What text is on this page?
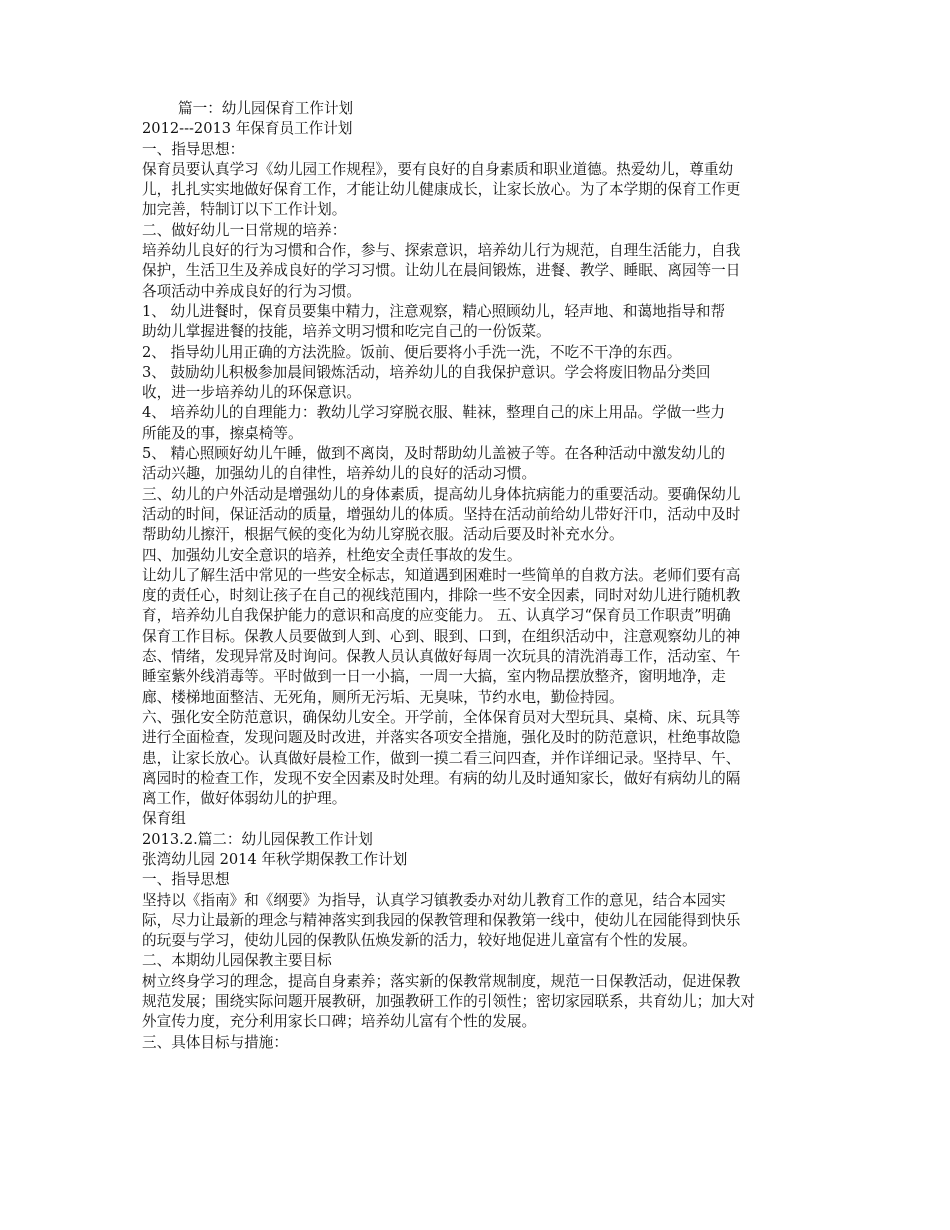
篇一：幼儿园保育工作计划
2012---2013 年保育员工作计划
一、指导思想：
保育员要认真学习《幼儿园工作规程》，要有良好的自身素质和职业道德。热爱幼儿，尊重幼
儿，扎扎实实地做好保育工作，才能让幼儿健康成长，让家长放心。为了本学期的保育工作更
加完善，特制订以下工作计划。
二、做好幼儿一日常规的培养：
培养幼儿良好的行为习惯和合作，参与、探索意识，培养幼儿行为规范，自理生活能力，自我
保护，生活卫生及养成良好的学习习惯。让幼儿在晨间锻炼，进餐、教学、睡眠、离园等一日
各项活动中养成良好的行为习惯。
1、 幼儿进餐时，保育员要集中精力，注意观察，精心照顾幼儿，轻声地、和蔼地指导和帮
助幼儿掌握进餐的技能，培养文明习惯和吃完自己的一份饭菜。
2、 指导幼儿用正确的方法洗脸。饭前、便后要将小手洗一洗，不吃不干净的东西。
3、 鼓励幼儿积极参加晨间锻炼活动，培养幼儿的自我保护意识。学会将废旧物品分类回
收，进一步培养幼儿的环保意识。
4、 培养幼儿的自理能力：教幼儿学习穿脱衣服、鞋袜，整理自己的床上用品。学做一些力
所能及的事，擦桌椅等。
5、 精心照顾好幼儿午睡，做到不离岗，及时帮助幼儿盖被子等。在各种活动中激发幼儿的
活动兴趣，加强幼儿的自律性，培养幼儿的良好的活动习惯。
三、幼儿的户外活动是增强幼儿的身体素质，提高幼儿身体抗病能力的重要活动。要确保幼儿
活动的时间，保证活动的质量，增强幼儿的体质。坚持在活动前给幼儿带好汗巾，活动中及时
帮助幼儿擦汗，根据气候的变化为幼儿穿脱衣服。活动后要及时补充水分。
四、加强幼儿安全意识的培养，杜绝安全责任事故的发生。
让幼儿了解生活中常见的一些安全标志，知道遇到困难时一些简单的自救方法。老师们要有高
度的责任心，时刻让孩子在自己的视线范围内，排除一些不安全因素，同时对幼儿进行随机教
育，培养幼儿自我保护能力的意识和高度的应变能力。 五、认真学习“保育员工作职责”明确
保育工作目标。保教人员要做到人到、心到、眼到、口到，在组织活动中，注意观察幼儿的神
态、情绪，发现异常及时询问。保教人员认真做好每周一次玩具的清洗消毒工作，活动室、午
睡室紫外线消毒等。平时做到一日一小搞，一周一大搞，室内物品摆放整齐，窗明地净，走
廊、楼梯地面整洁、无死角，厕所无污垢、无臭味，节约水电，勤俭持园。
六、强化安全防范意识，确保幼儿安全。开学前，全体保育员对大型玩具、桌椅、床、玩具等
进行全面检查，发现问题及时改进，并落实各项安全措施，强化及时的防范意识，杜绝事故隐
患，让家长放心。认真做好晨检工作，做到一摸二看三问四查，并作详细记录。坚持早、午、
离园时的检查工作，发现不安全因素及时处理。有病的幼儿及时通知家长，做好有病幼儿的隔
离工作，做好体弱幼儿的护理。
保育组
2013.2.篇二：幼儿园保教工作计划
张湾幼儿园 2014 年秋学期保教工作计划
一、指导思想
坚持以《指南》和《纲要》为指导，认真学习镇教委办对幼儿教育工作的意见，结合本园实
际，尽力让最新的理念与精神落实到我园的保教管理和保教第一线中，使幼儿在园能得到快乐
的玩耍与学习，使幼儿园的保教队伍焕发新的活力，较好地促进儿童富有个性的发展。
二、本期幼儿园保教主要目标
树立终身学习的理念，提高自身素养；落实新的保教常规制度，规范一日保教活动，促进保教
规范发展；围绕实际问题开展教研，加强教研工作的引领性；密切家园联系，共育幼儿；加大对
外宣传力度，充分利用家长口碑；培养幼儿富有个性的发展。
三、具体目标与措施：
